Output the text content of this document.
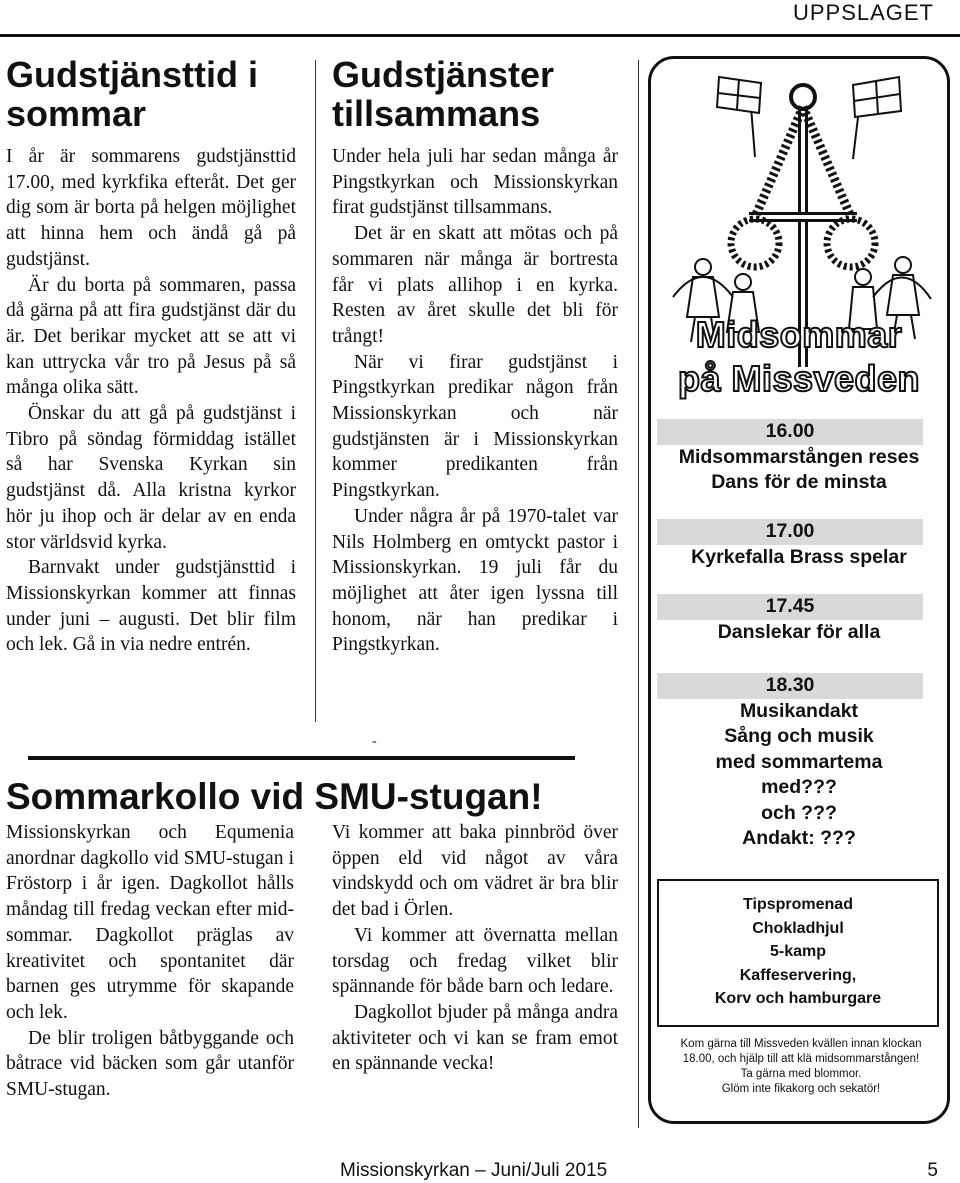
UPPSLAGET
Gudstjänsttid i sommar

I år är sommarens gudstjänsttid 17.00, med kyrkfika efteråt. Det ger dig som är borta på helgen möjlighet att hinna hem och ändå gå på gudstjänst.

Är du borta på sommaren, passa då gärna på att fira gudstjänst där du är. Det berikar mycket att se att vi kan uttrycka vår tro på Jesus på så många olika sätt.

Önskar du att gå på gudstjänst i Tibro på söndag förmiddag istället så har Svenska Kyrkan sin gudstjänst då. Alla kristna kyrkor hör ju ihop och är delar av en enda stor världsvid kyrka.

Barnvakt under gudstjänsttid i Missionskyrkan kommer att finnas under juni – augusti. Det blir film och lek. Gå in via nedre entrén.

Gudstjänster tillsammans

Under hela juli har sedan många år Pingstkyrkan och Missionskyrkan firat gudstjänst tillsammans.

Det är en skatt att mötas och på sommaren när många är bortresta får vi plats allihop i en kyrka. Resten av året skulle det bli för trångt!

När vi firar gudstjänst i Pingstkyrkan predikar någon från Missionskyrkan och när gudstjänsten är i Missionskyrkan kommer predikanten från Pingstkyrkan.

Under några år på 1970-talet var Nils Holmberg en omtyckt pastor i Missionskyrkan. 19 juli får du möjlighet att åter igen lyssna till honom, när han predikar i Pingstkyrkan.

-
Sommarkollo vid SMU-stugan!

Missionskyrkan och Equmenia anordnar dagkollo vid SMU-stugan i Fröstorp i år igen. Dagkollot hålls måndag till fredag veckan efter midsommar. Dagkollot präglas av kreativitet och spontanitet där barnen ges utrymme för skapande och lek.

De blir troligen båtbyggande och båtrace vid bäcken som går utanför SMU-stugan.

Vi kommer att baka pinnbröd över öppen eld vid något av våra vindskydd och om vädret är bra blir det bad i Örlen.

Vi kommer att övernatta mellan torsdag och fredag vilket blir spännande för både barn och ledare.

Dagkollot bjuder på många andra aktiviteter och vi kan se fram emot en spännande vecka!

Midsommar
på Missveden
16.00
Midsommarstången reses
Dans för de minsta
17.00
Kyrkefalla Brass spelar
17.45
Danslekar för alla
18.30
Musikandakt
Sång och musik
med sommartema
med???
och ???
Andakt: ???
Tipspromenad
Chokladhjul
5-kamp
Kaffeservering,
Korv och hamburgare
Kom gärna till Missveden kvällen innan klockan
18.00, och hjälp till att klä midsommarstången!
Ta gärna med blommor.
Glöm inte fikakorg och sekatör!
Missionskyrkan – Juni/Juli 2015	5
